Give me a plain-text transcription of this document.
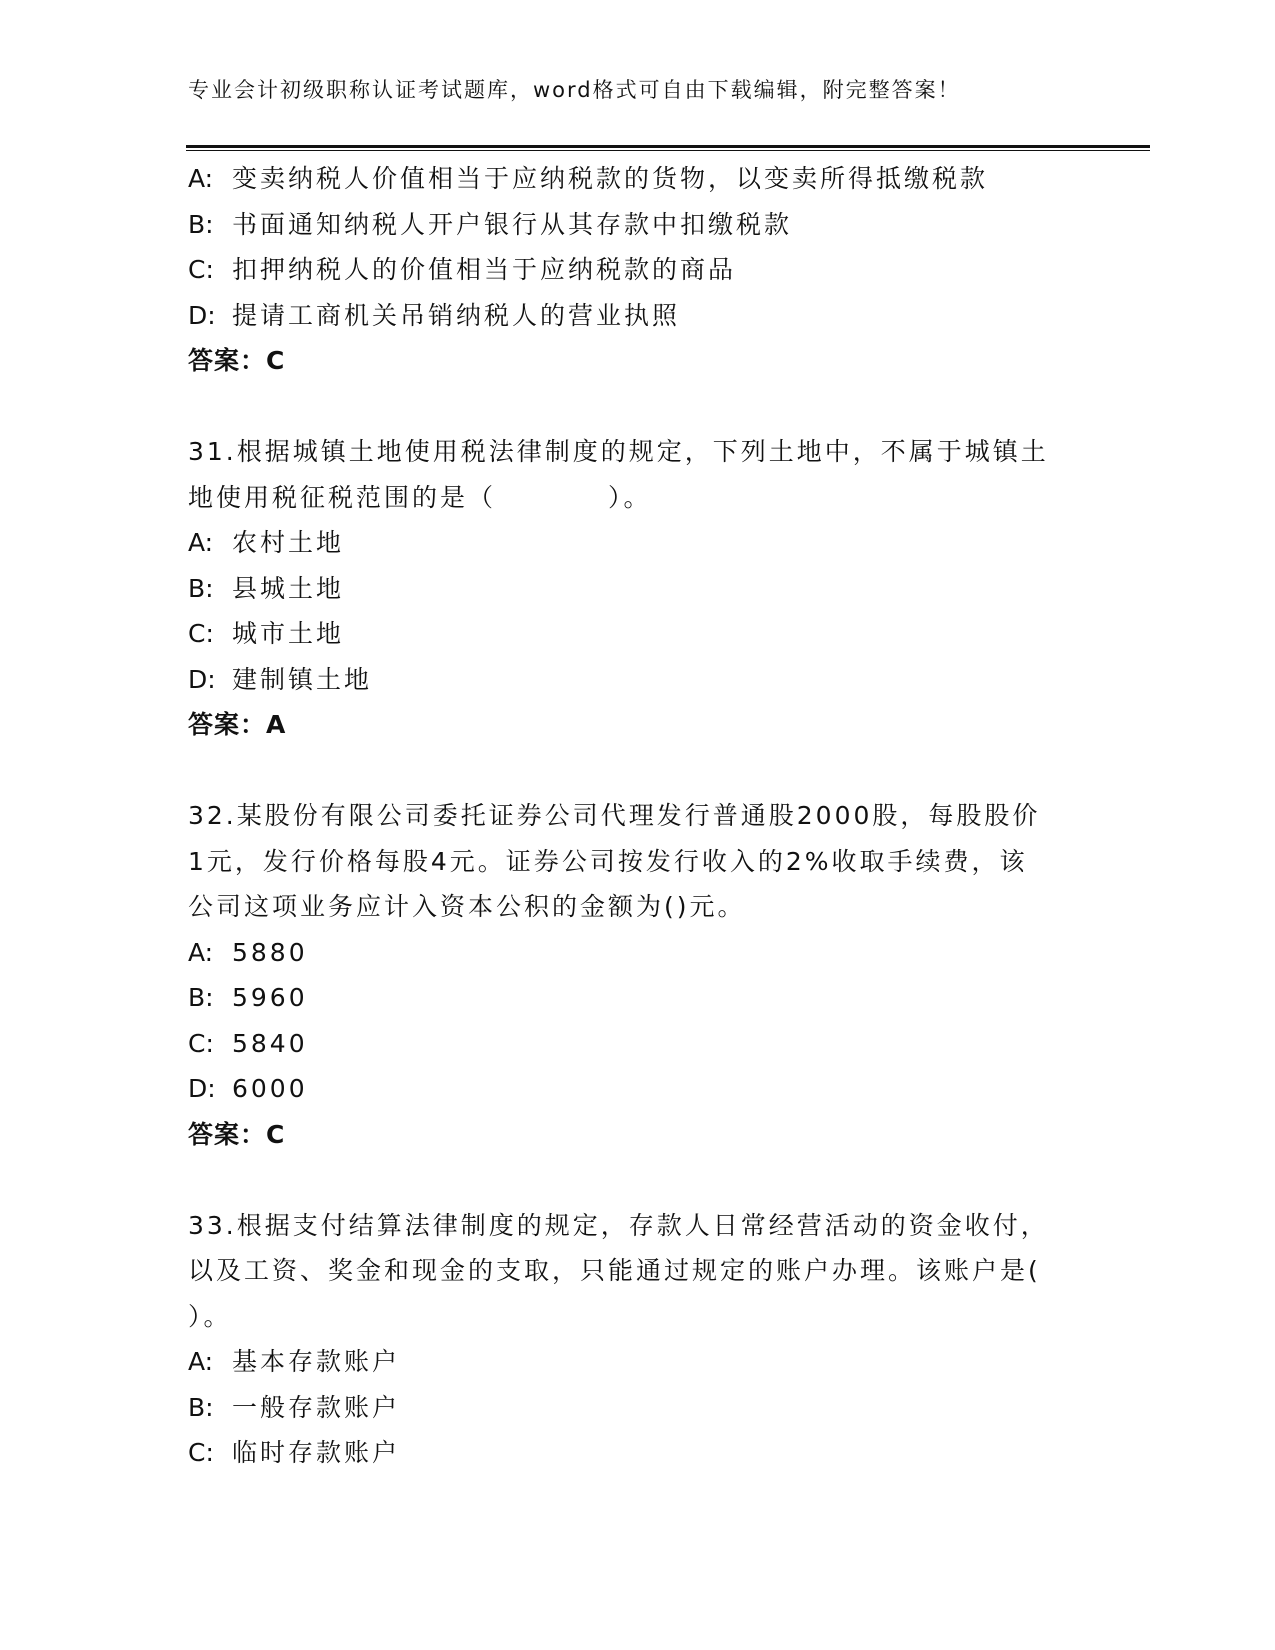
专业会计初级职称认证考试题库，word格式可自由下载编辑，附完整答案！
A: 变卖纳税人价值相当于应纳税款的货物，以变卖所得抵缴税款
B: 书面通知纳税人开户银行从其存款中扣缴税款
C: 扣押纳税人的价值相当于应纳税款的商品
D: 提请工商机关吊销纳税人的营业执照
答案：C
31.根据城镇土地使用税法律制度的规定，下列土地中，不属于城镇土
地使用税征税范围的是（　　　　）。
A: 农村土地
B: 县城土地
C: 城市土地
D: 建制镇土地
答案：A
32.某股份有限公司委托证券公司代理发行普通股2000股，每股股价
1元，发行价格每股4元。证券公司按发行收入的2%收取手续费，该
公司这项业务应计入资本公积的金额为()元。
A: 5880
B: 5960
C: 5840
D: 6000
答案：C
33.根据支付结算法律制度的规定，存款人日常经营活动的资金收付，
以及工资、奖金和现金的支取，只能通过规定的账户办理。该账户是(
）。
A: 基本存款账户
B: 一般存款账户
C: 临时存款账户
